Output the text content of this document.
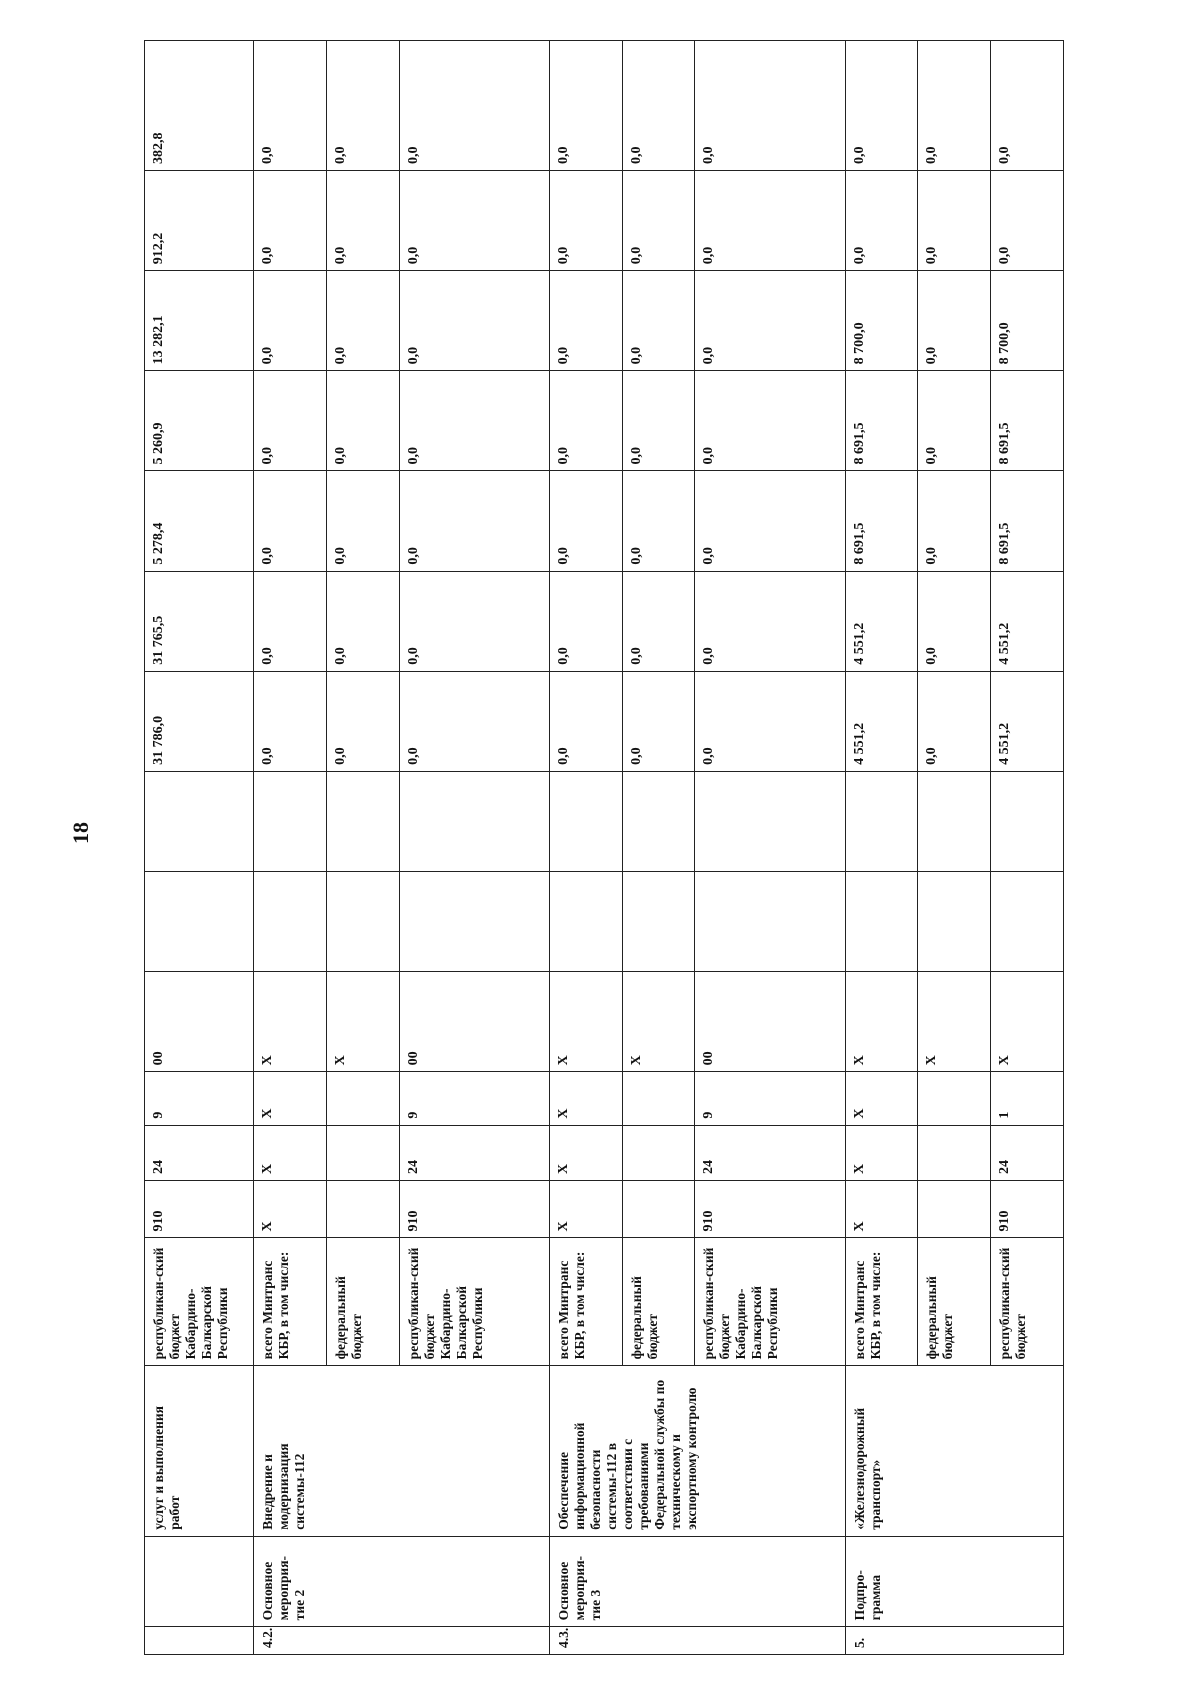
18
		услуг и выполнения работ	республикан-ский бюджет Кабардино-Балкарской Республики	910	24	9	00			31 786,0	31 765,5	5 278,4	5 260,9	13 282,1	912,2	382,8
4.2.	Основное мероприя-тие 2	Внедрение и модернизация системы-112	всего Минтранс КБР, в том числе:	X	X	X	X			0,0	0,0	0,0	0,0	0,0	0,0	0,0
			федеральный бюджет				X			0,0	0,0	0,0	0,0	0,0	0,0	0,0
			республикан-ский бюджет Кабардино-Балкарской Республики	910	24	9	00			0,0	0,0	0,0	0,0	0,0	0,0	0,0
4.3.	Основное мероприя-тие 3	Обеспечение информационной безопасности системы-112 в соответствии с требованиями Федеральной службы по техническому и экспортному контролю	всего Минтранс КБР, в том числе:	X	X	X	X			0,0	0,0	0,0	0,0	0,0	0,0	0,0
			федеральный бюджет				X			0,0	0,0	0,0	0,0	0,0	0,0	0,0
			республикан-ский бюджет Кабардино-Балкарской Республики	910	24	9	00			0,0	0,0	0,0	0,0	0,0	0,0	0,0
5.	Подпро-грамма	«Железнодорожный транспорт»	всего Минтранс КБР, в том числе:	X	X	X	X			4 551,2	4 551,2	8 691,5	8 691,5	8 700,0	0,0	0,0
			федеральный бюджет				X			0,0	0,0	0,0	0,0	0,0	0,0	0,0
			республикан-ский бюджет	910	24	1	X			4 551,2	4 551,2	8 691,5	8 691,5	8 700,0	0,0	0,0
